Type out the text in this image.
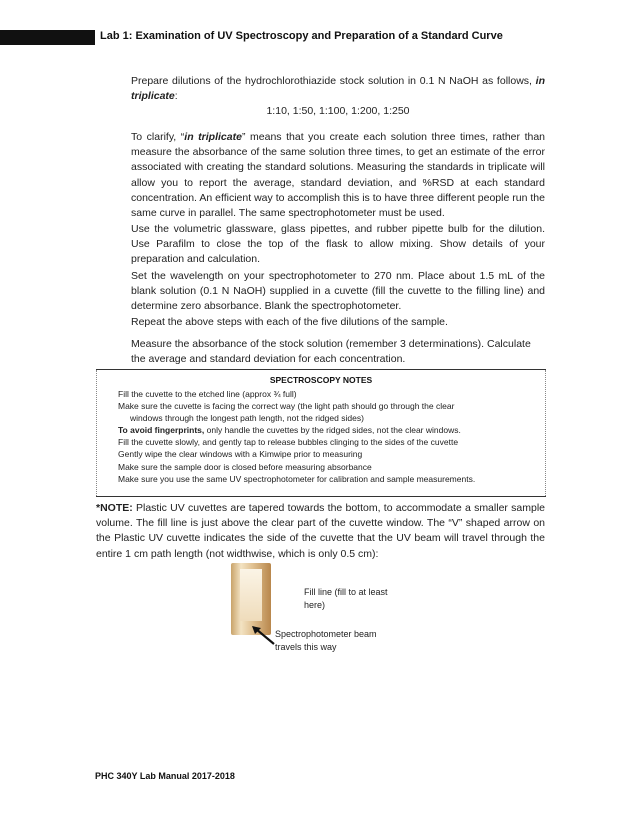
Lab 1: Examination of UV Spectroscopy and Preparation of a Standard Curve

Prepare dilutions of the hydrochlorothiazide stock solution in 0.1 N NaOH as follows, in triplicate:

1:10, 1:50, 1:100, 1:200, 1:250

To clarify, “in triplicate” means that you create each solution three times, rather than measure the absorbance of the same solution three times, to get an estimate of the error associated with creating the standard solutions. Measuring the standards in triplicate will allow you to report the average, standard deviation, and %RSD at each standard concentration. An efficient way to accomplish this is to have three different people run the same curve in parallel. The same spectrophotometer must be used.

Use the volumetric glassware, glass pipettes, and rubber pipette bulb for the dilution. Use Parafilm to close the top of the flask to allow mixing. Show details of your preparation and calculation.

Set the wavelength on your spectrophotometer to 270 nm. Place about 1.5 mL of the blank solution (0.1 N NaOH) supplied in a cuvette (fill the cuvette to the filling line) and determine zero absorbance. Blank the spectrophotometer.

Repeat the above steps with each of the five dilutions of the sample.

Measure the absorbance of the stock solution (remember 3 determinations). Calculate the average and standard deviation for each concentration.

SPECTROSCOPY NOTES
Fill the cuvette to the etched line (approx ¾ full)
Make sure the cuvette is facing the correct way (the light path should go through the clear
windows through the longest path length, not the ridged sides)
To avoid fingerprints, only handle the cuvettes by the ridged sides, not the clear windows.
Fill the cuvette slowly, and gently tap to release bubbles clinging to the sides of the cuvette
Gently wipe the clear windows with a Kimwipe prior to measuring
Make sure the sample door is closed before measuring absorbance
Make sure you use the same UV spectrophotometer for calibration and sample measurements.

*NOTE: Plastic UV cuvettes are tapered towards the bottom, to accommodate a smaller sample volume. The fill line is just above the clear part of the cuvette window. The “V” shaped arrow on the Plastic UV cuvette indicates the side of the cuvette that the UV beam will travel through the entire 1 cm path length (not widthwise, which is only 0.5 cm):

Fill line (fill to at least here)
Spectrophotometer beam travels this way
PHC 340Y Lab Manual 2017-2018
